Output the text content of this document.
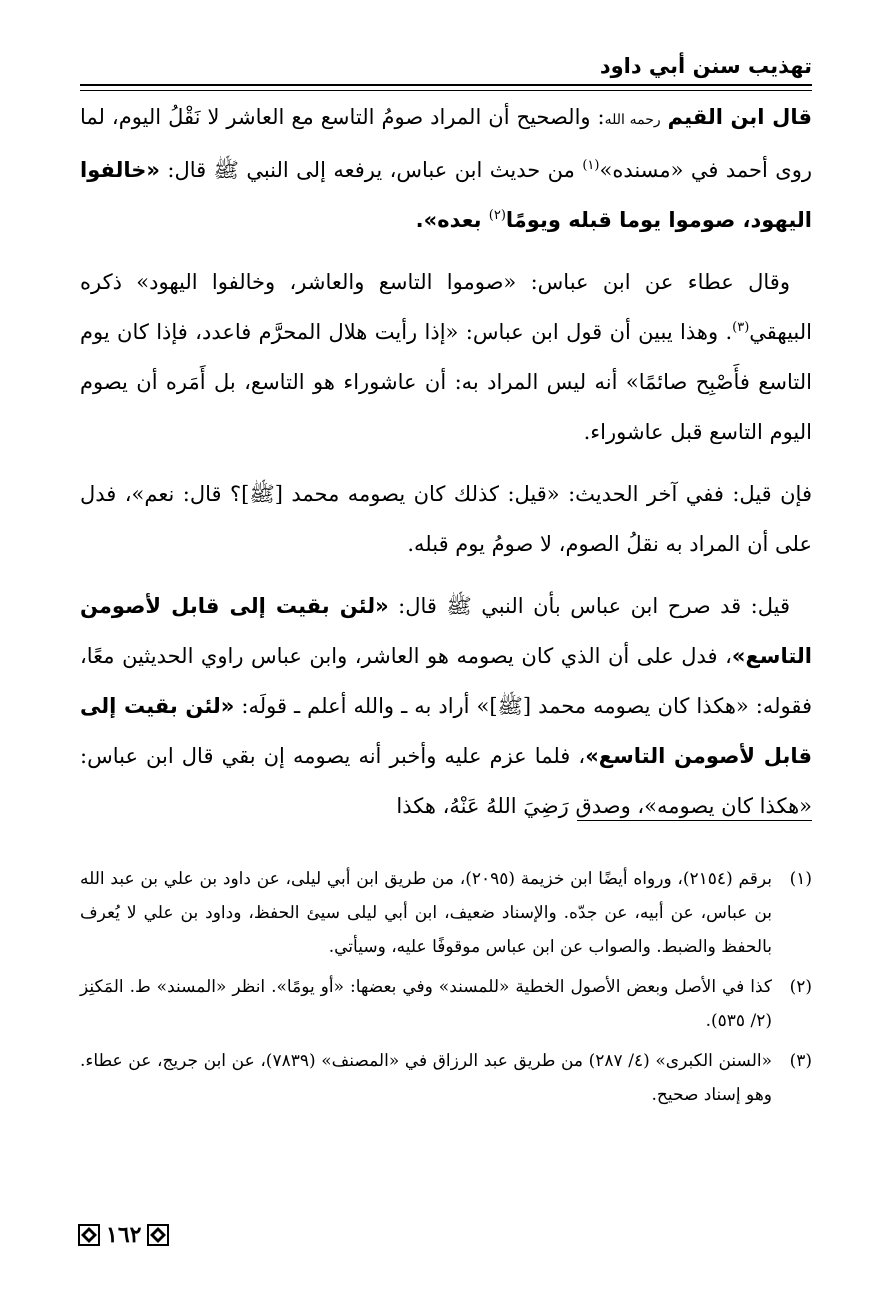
تهذيب سنن أبي داود

قال ابن القيم رحمه الله: والصحيح أن المراد صومُ التاسع مع العاشر لا نَقْلُ اليوم، لما روى أحمد في «مسنده»$^{(١)}$ من حديث ابن عباس، يرفعه إلى النبي ﷺ قال: «خالفوا اليهود، صوموا يوما قبله ويومًا$^{(٢)}$ بعده».

وقال عطاء عن ابن عباس: «صوموا التاسع والعاشر، وخالفوا اليهود» ذكره البيهقي$^{(٣)}$. وهذا يبين أن قول ابن عباس: «إذا رأيت هلال المحرَّم فاعدد، فإذا كان يوم التاسع فأَصْبِح صائمًا» أنه ليس المراد به: أن عاشوراء هو التاسع، بل أَمَره أن يصوم اليوم التاسع قبل عاشوراء.

فإن قيل: ففي آخر الحديث: «قيل: كذلك كان يصومه محمد [ﷺ]؟ قال: نعم»، فدل على أن المراد به نقلُ الصوم، لا صومُ يوم قبله.

قيل: قد صرح ابن عباس بأن النبي ﷺ قال: «لئن بقيت إلى قابل لأصومن التاسع»، فدل على أن الذي كان يصومه هو العاشر، وابن عباس راوي الحديثين معًا، فقوله: «هكذا كان يصومه محمد [ﷺ]» أراد به ـ والله أعلم ـ قولَه: «لئن بقيت إلى قابل لأصومن التاسع»، فلما عزم عليه وأخبر أنه يصومه إن بقي قال ابن عباس: «هكذا كان يصومه»، وصدق رَضِيَ اللهُ عَنْهُ، هكذا

(١)
برقم (٢١٥٤)، ورواه أيضًا ابن خزيمة (٢٠٩٥)، من طريق ابن أبي ليلى، عن داود بن علي بن عبد الله بن عباس، عن أبيه، عن جدّه. والإسناد ضعيف، ابن أبي ليلى سيئ الحفظ، وداود بن علي لا يُعرف بالحفظ والضبط. والصواب عن ابن عباس موقوفًا عليه، وسيأتي.
(٢)
كذا في الأصل وبعض الأصول الخطية «للمسند» وفي بعضها: «أو يومًا». انظر «المسند» ط. المَكنِز (٢/ ٥٣٥).
(٣)
«السنن الكبرى» (٤/ ٢٨٧) من طريق عبد الرزاق في «المصنف» (٧٨٣٩)، عن ابن جريج، عن عطاء. وهو إسناد صحيح.
١٦٢
